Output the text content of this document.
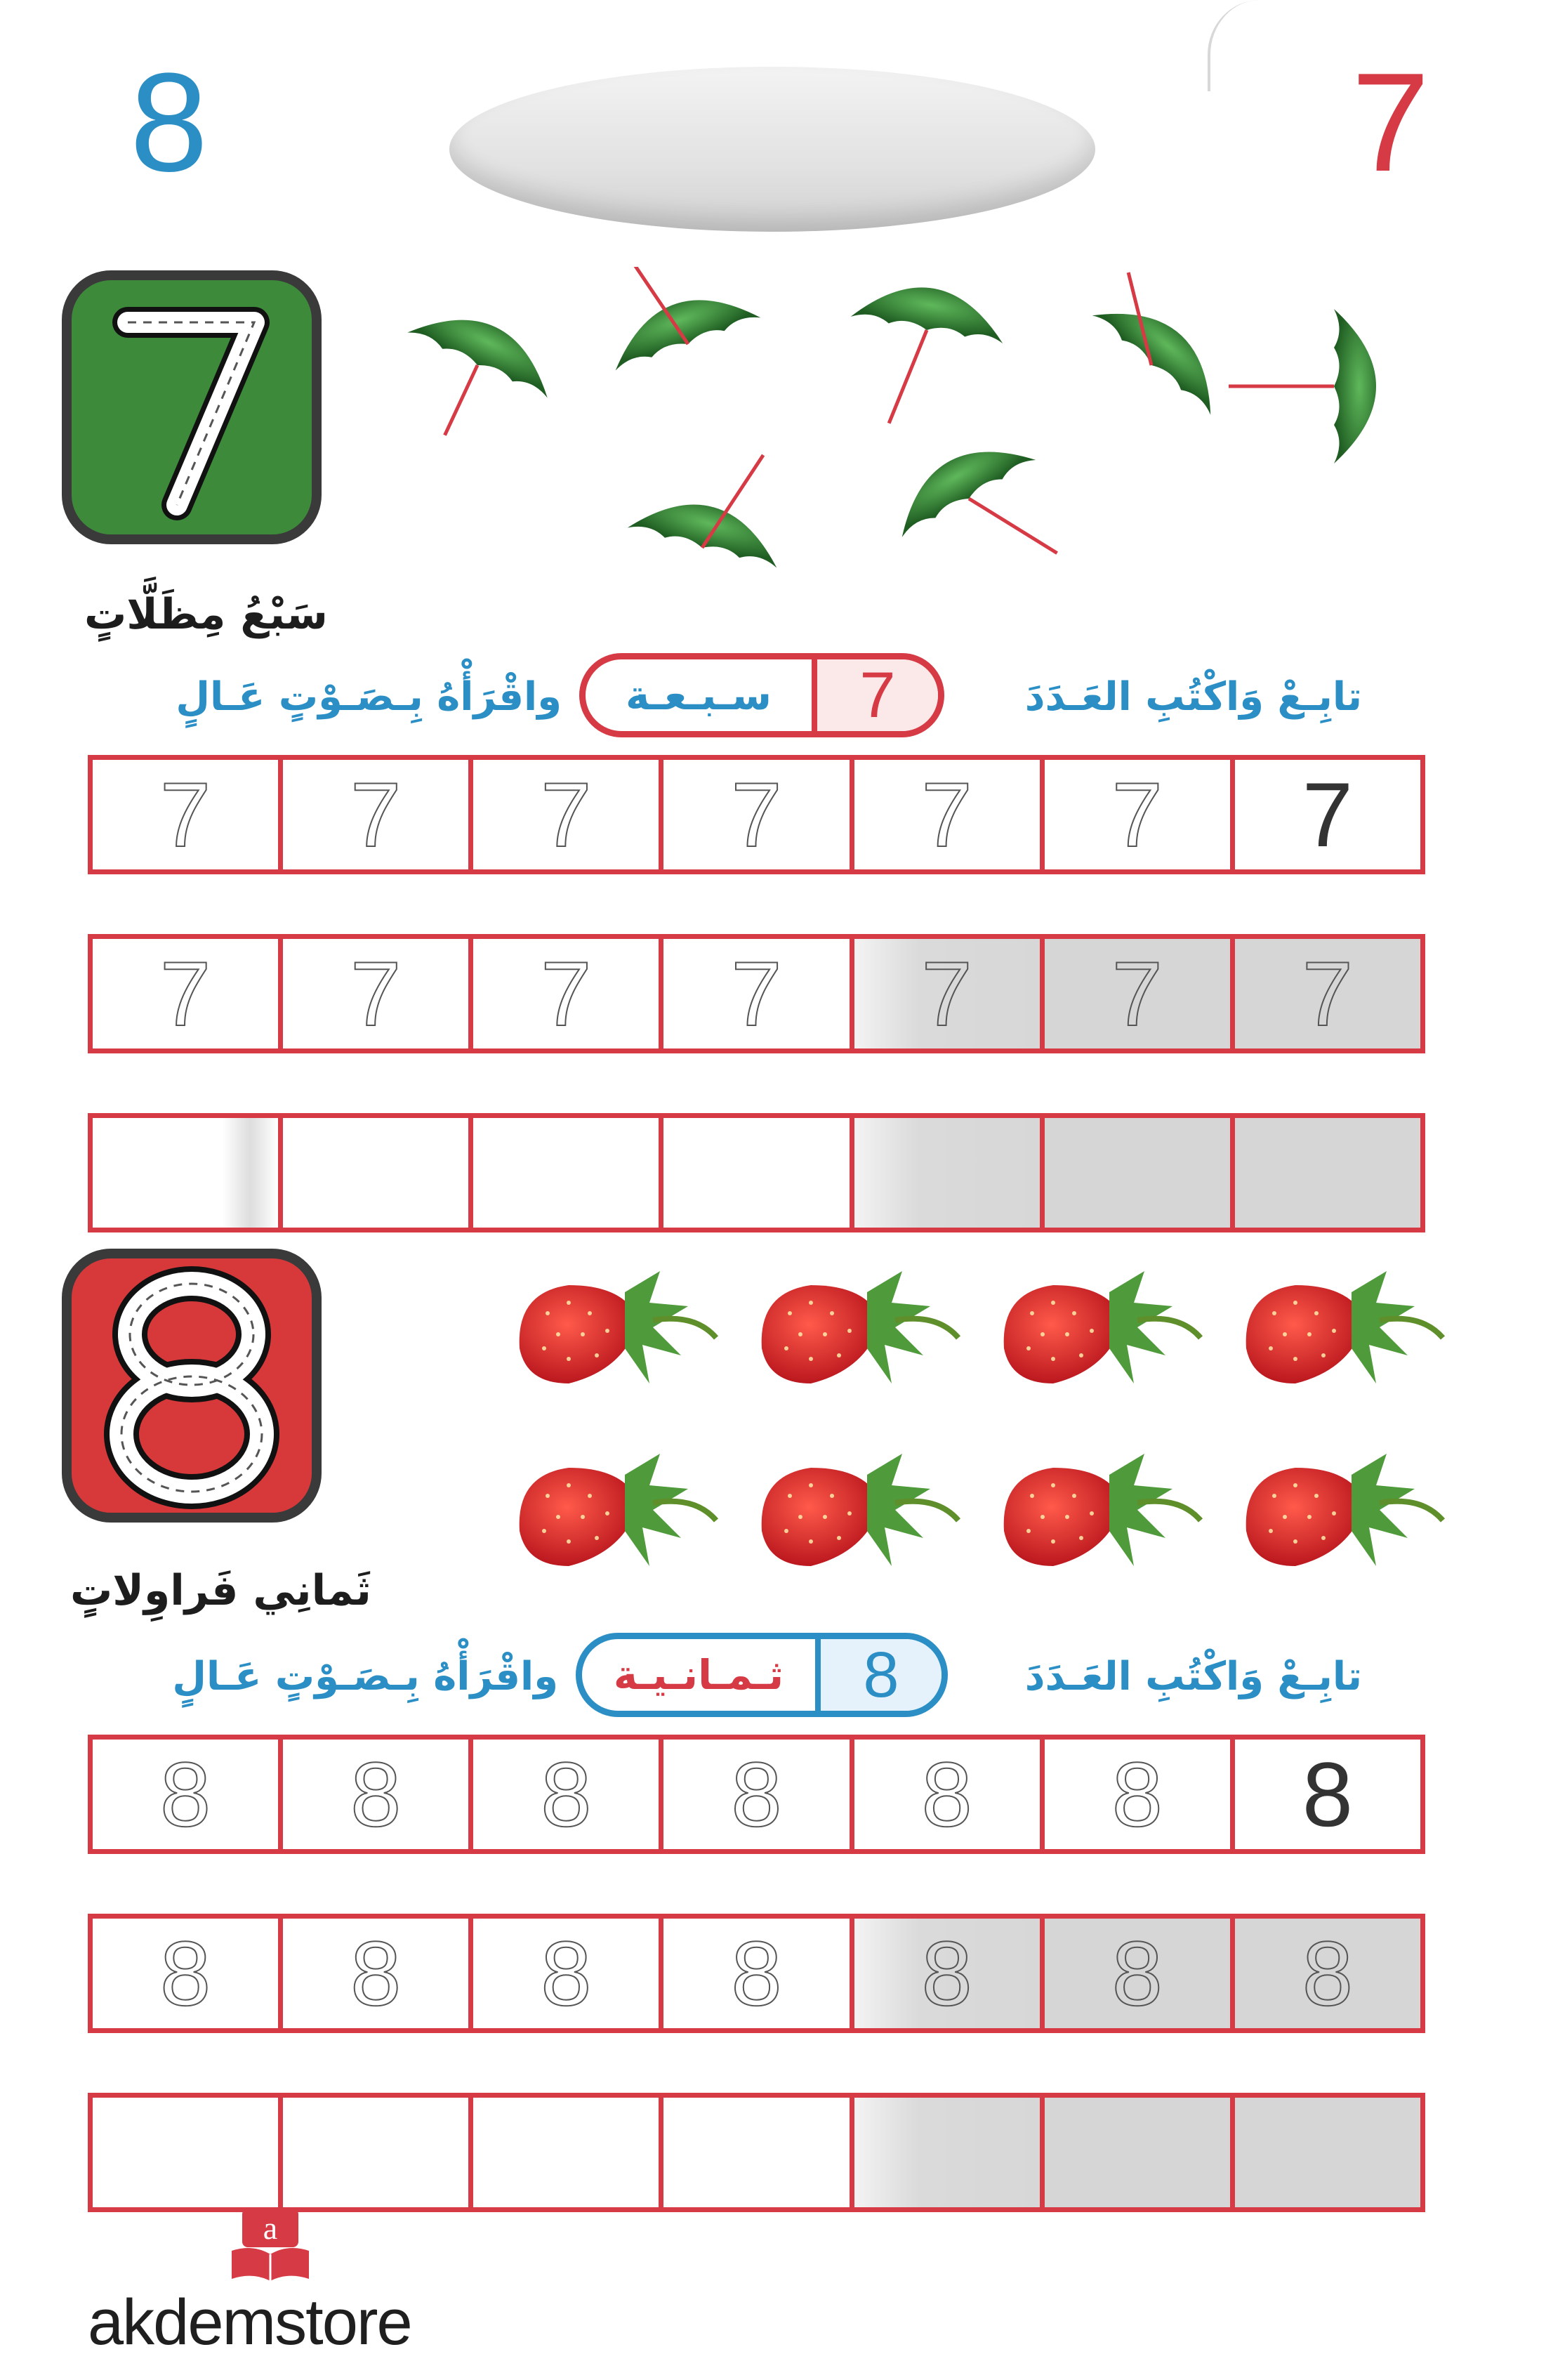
8	7
سَبْعُ مِظَلَّاتٍ
تابِـعْ وَاكْتُبِ العَـدَدَ
7
سـبـعـة
واقْرَأْهُ بِـصَـوْتٍ عَـالٍ
7 7 7 7 7 7 7
7 7 7 7 7 7 7
ثَمانِي فَراوِلاتٍ
تابِـعْ وَاكْتُبِ العَـدَدَ
8
ثـمـانـيـة
واقْرَأْهُ بِـصَـوْتٍ عَـالٍ
8 8 8 8 8 8 8
8 8 8 8 8 8 8
a
akdemstore
